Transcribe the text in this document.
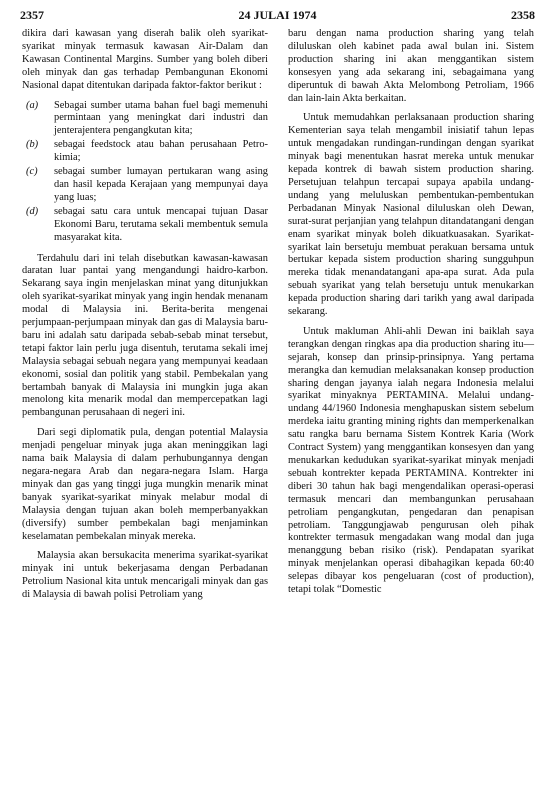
2357	24 JULAI 1974	2358

dikira dari kawasan yang diserah balik oleh syarikat-syarikat minyak termasuk kawasan Air-Dalam dan Kawasan Continental Margins. Sumber yang boleh diberi oleh minyak dan gas terhadap Pembangunan Ekonomi Nasional dapat ditentukan daripada faktor-faktor berikut :

(a) Sebagai sumber utama bahan fuel bagi memenuhi permintaan yang meningkat dari industri dan jenterajentera pengangkutan kita;
(b) sebagai feedstock atau bahan perusahaan Petro-kimia;
(c) sebagai sumber lumayan pertukaran wang asing dan hasil kepada Kerajaan yang mempunyai daya yang luas;
(d) sebagai satu cara untuk mencapai tujuan Dasar Ekonomi Baru, terutama sekali membentuk semula masyarakat kita.

Terdahulu dari ini telah disebutkan kawasan-kawasan daratan luar pantai yang mengandungi haidro-karbon. Sekarang saya ingin menjelaskan minat yang ditunjukkan oleh syarikat-syarikat minyak yang ingin hendak menanam modal di Malaysia ini. Berita-berita mengenai perjumpaan-perjumpaan minyak dan gas di Malaysia baru-baru ini adalah satu daripada sebab-sebab minat tersebut, tetapi faktor lain perlu juga disentuh, terutama sekali imej Malaysia sebagai sebuah negara yang mempunyai keadaan ekonomi, sosial dan politik yang stabil. Pembekalan yang bertambah banyak di Malaysia ini mungkin juga akan menolong kita menarik modal dan mempercepatkan lagi pembangunan perusahaan di negeri ini.

Dari segi diplomatik pula, dengan potential Malaysia menjadi pengeluar minyak juga akan meninggikan lagi nama baik Malaysia di dalam perhubungannya dengan negara-negara Arab dan negara-negara Islam. Harga minyak dan gas yang tinggi juga mungkin menarik minat banyak syarikat-syarikat minyak melabur modal di Malaysia dengan tujuan akan boleh memperbanyakkan (diversify) sumber pembekalan bagi menjaminkan keselamatan pembekalan minyak mereka.

Malaysia akan bersukacita menerima syarikat-syarikat minyak ini untuk bekerjasama dengan Perbadanan Petrolium Nasional kita untuk mencarigali minyak dan gas di Malaysia di bawah polisi Petroliam yang

baru dengan nama production sharing yang telah diluluskan oleh kabinet pada awal bulan ini. Sistem production sharing ini akan menggantikan sistem konsesyen yang ada sekarang ini, sebagaimana yang diperuntuk di bawah Akta Melombong Petroliam, 1966 dan lain-lain Akta berkaitan.

Untuk memudahkan perlaksanaan production sharing Kementerian saya telah mengambil inisiatif tahun lepas untuk mengadakan rundingan-rundingan dengan syarikat minyak bagi menentukan hasrat mereka untuk menukar kepada kontrek di bawah sistem production sharing. Persetujuan telahpun tercapai supaya apabila undang-undang yang meluluskan pembentukan-pembentukan Perbadanan Minyak Nasional diluluskan oleh Dewan, surat-surat perjanjian yang telahpun ditandatangani dengan enam syarikat minyak boleh dikuatkuasakan. Syarikat-syarikat lain bersetuju membuat perakuan bersama untuk bertukar kepada sistem production sharing sungguhpun mereka tidak menandatangani apa-apa surat. Ada pula sebuah syarikat yang telah bersetuju untuk menukarkan kepada production sharing dari tarikh yang awal daripada sekarang.

Untuk makluman Ahli-ahli Dewan ini baiklah saya terangkan dengan ringkas apa dia production sharing itu—sejarah, konsep dan prinsip-prinsipnya. Yang pertama merangka dan kemudian melaksanakan konsep production sharing dengan jayanya ialah negara Indonesia melalui syarikat minyaknya PERTAMINA. Melalui undang-undang 44/1960 Indonesia menghapuskan sistem sebelum merdeka iaitu granting mining rights dan memperkenalkan satu rangka baru bernama Sistem Kontrek Karia (Work Contract System) yang menggantikan konsesyen dan yang menukarkan kedudukan syarikat-syarikat minyak menjadi sebuah kontrekter kepada PERTAMINA. Kontrekter ini diberi 30 tahun hak bagi mengendalikan operasi-operasi termasuk mencari dan membangunkan perusahaan petroliam pengangkutan, pengedaran dan penapisan petroliam. Tanggungjawab pengurusan oleh pihak kontrekter termasuk mengadakan wang modal dan juga menanggung beban risiko (risk). Pendapatan syarikat minyak menjelankan operasi dibahagikan kepada 60:40 selepas dibayar kos pengeluaran (cost of production), tetapi tolak “Domestic
